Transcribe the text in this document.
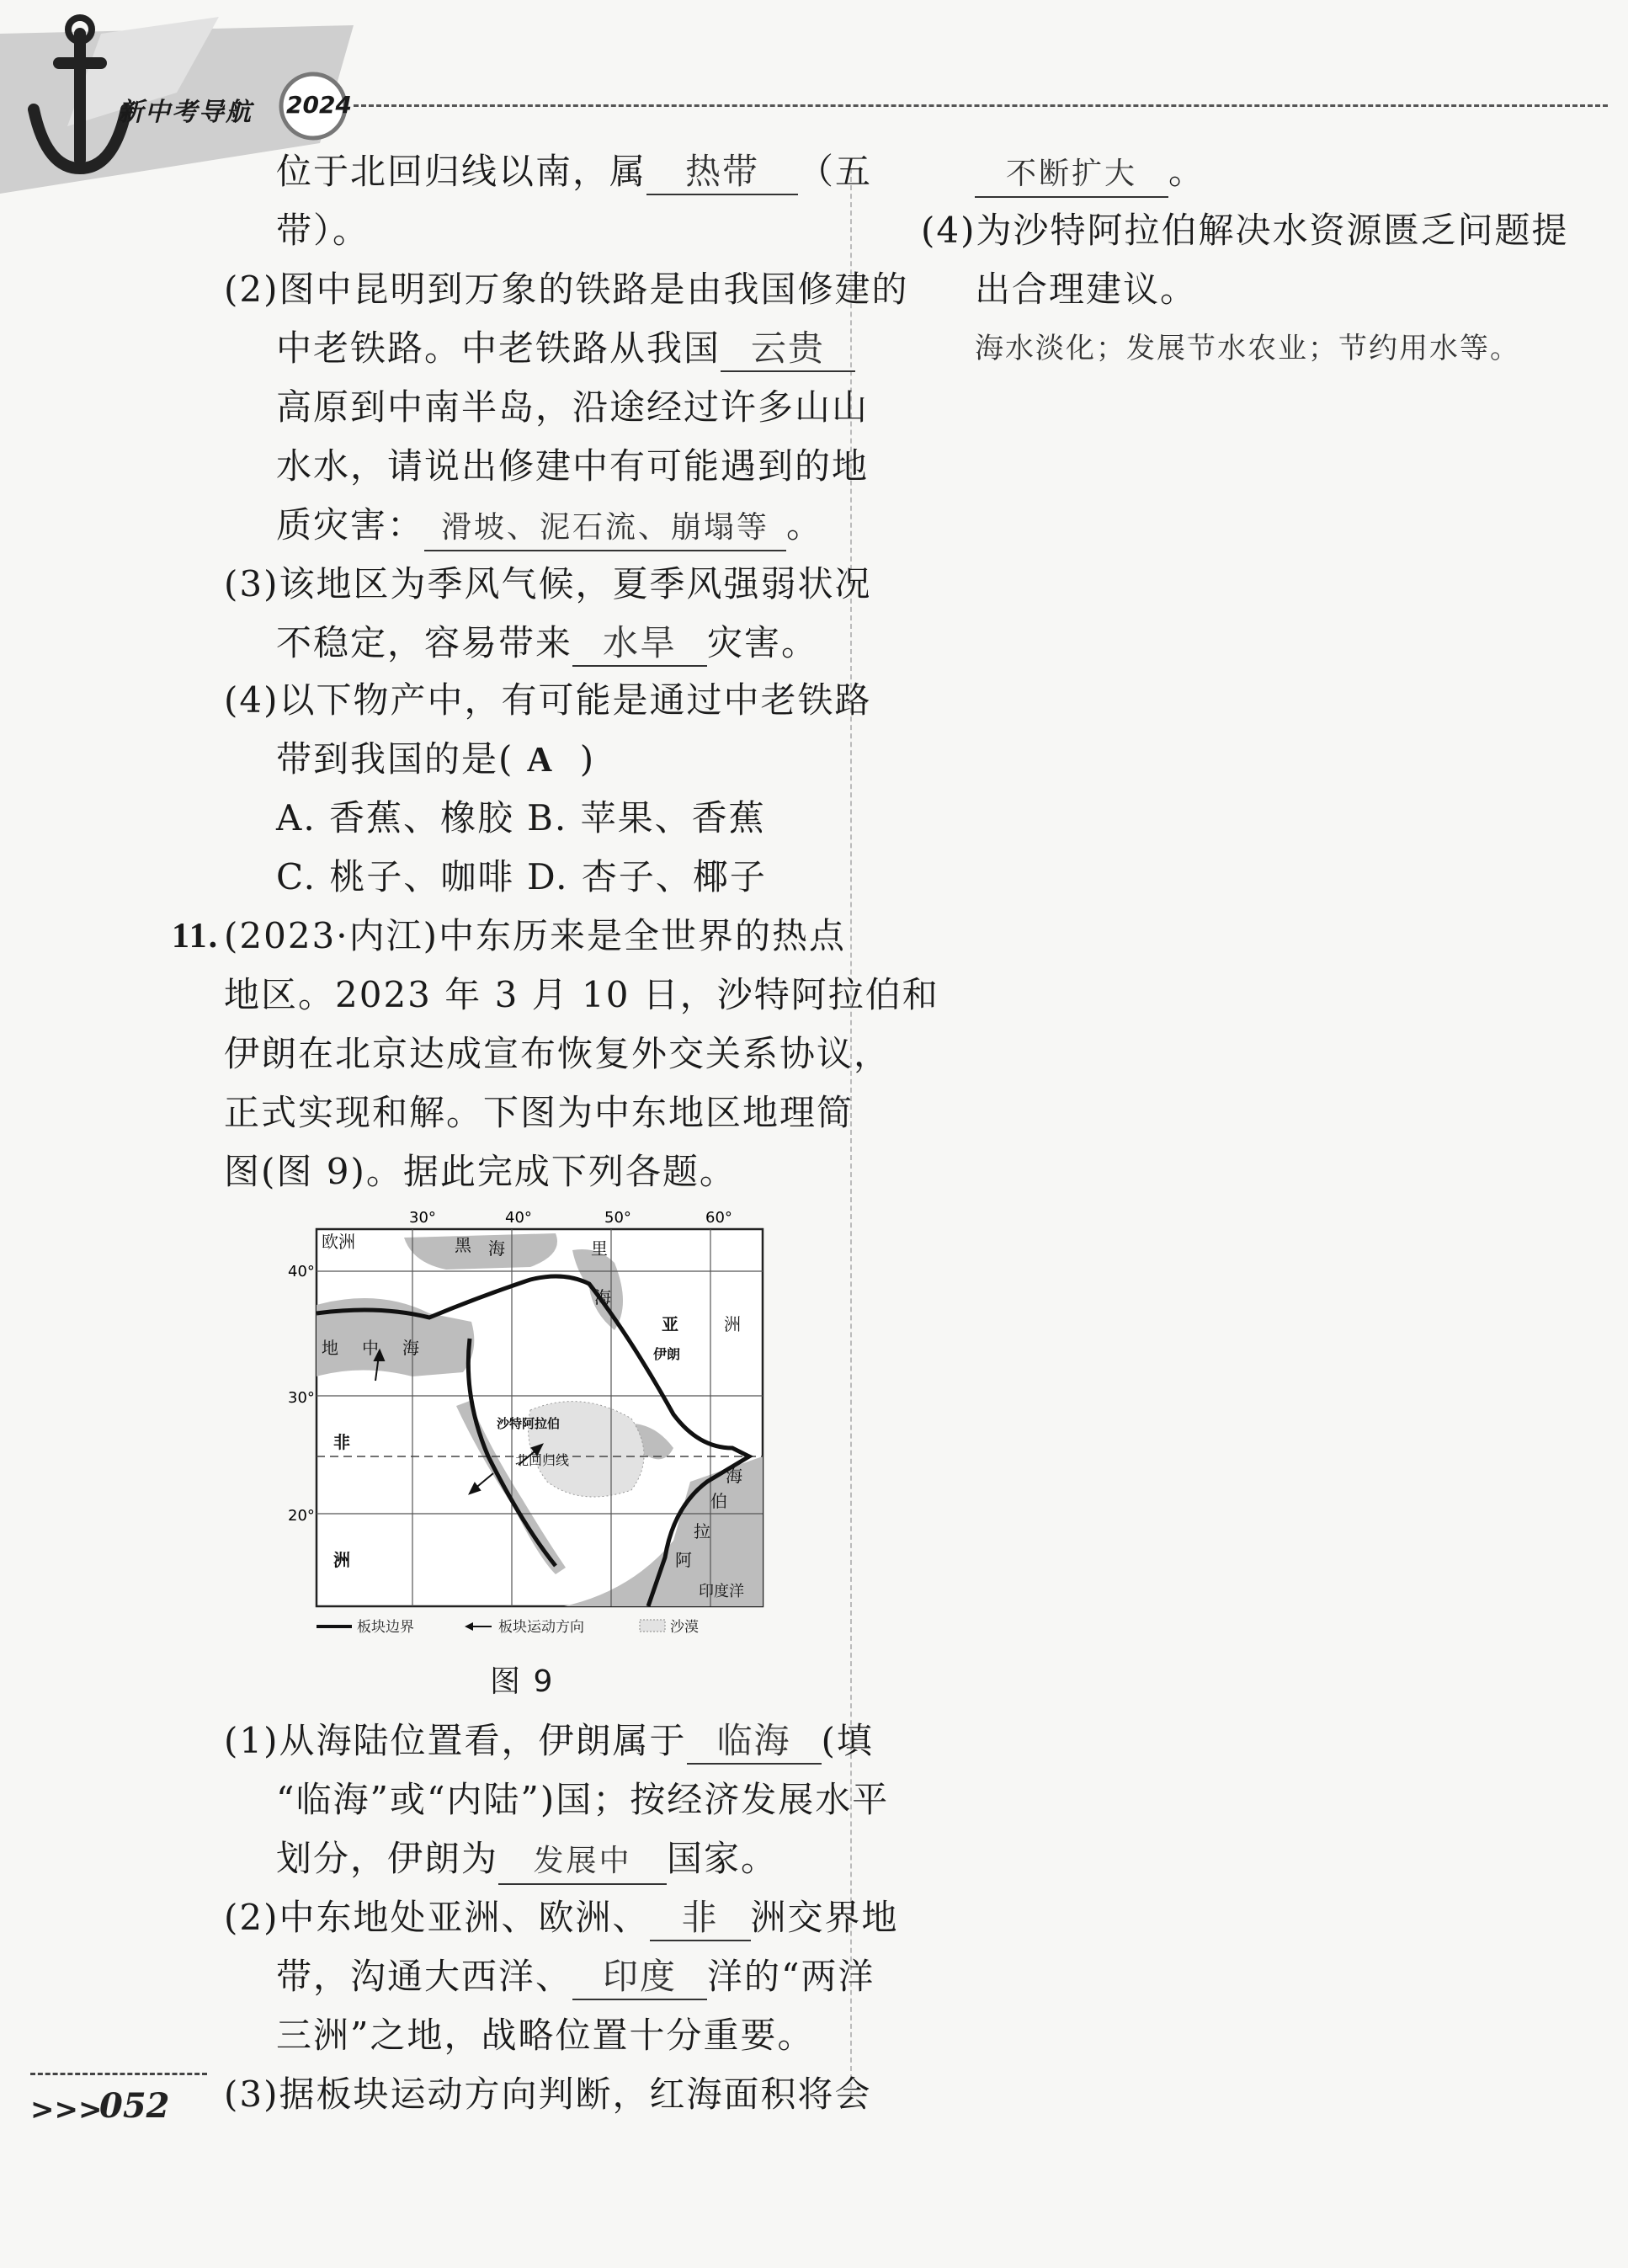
新中考导航 2024
位于北回归线以南，属 热带 （五
带）。
(2)图中昆明到万象的铁路是由我国修建的
中老铁路。中老铁路从我国 云贵
高原到中南半岛，沿途经过许多山山
水水，请说出修建中有可能遇到的地
质灾害： 滑坡、泥石流、崩塌等 。
(3)该地区为季风气候，夏季风强弱状况
不稳定，容易带来 水旱 灾害。
(4)以下物产中，有可能是通过中老铁路
带到我国的是( A )
A. 香蕉、橡胶 B. 苹果、香蕉
C. 桃子、咖啡 D. 杏子、椰子
11. (2023·内江)中东历来是全世界的热点
地区。2023 年 3 月 10 日，沙特阿拉伯和
伊朗在北京达成宣布恢复外交关系协议，
正式实现和解。下图为中东地区地理简
图(图 9)。据此完成下列各题。
30°	40°	50°	60°
40°
30°
20°
欧洲	黑 海	里
海
地 中 海
亚	洲
伊朗
非
洲
沙特阿拉伯
北回归线
海
伯
拉
阿
印度洋
板块边界	板块运动方向	沙漠
图 9
(1)从海陆位置看，伊朗属于 临海 (填
“临海”或“内陆”)国；按经济发展水平
划分，伊朗为 发展中 国家。
(2)中东地处亚洲、欧洲、 非 洲交界地
带，沟通大西洋、 印度 洋的“两洋
三洲”之地，战略位置十分重要。
(3)据板块运动方向判断，红海面积将会
不断扩大 。
(4)为沙特阿拉伯解决水资源匮乏问题提
出合理建议。
海水淡化；发展节水农业；节约用水等。
>>>
052
